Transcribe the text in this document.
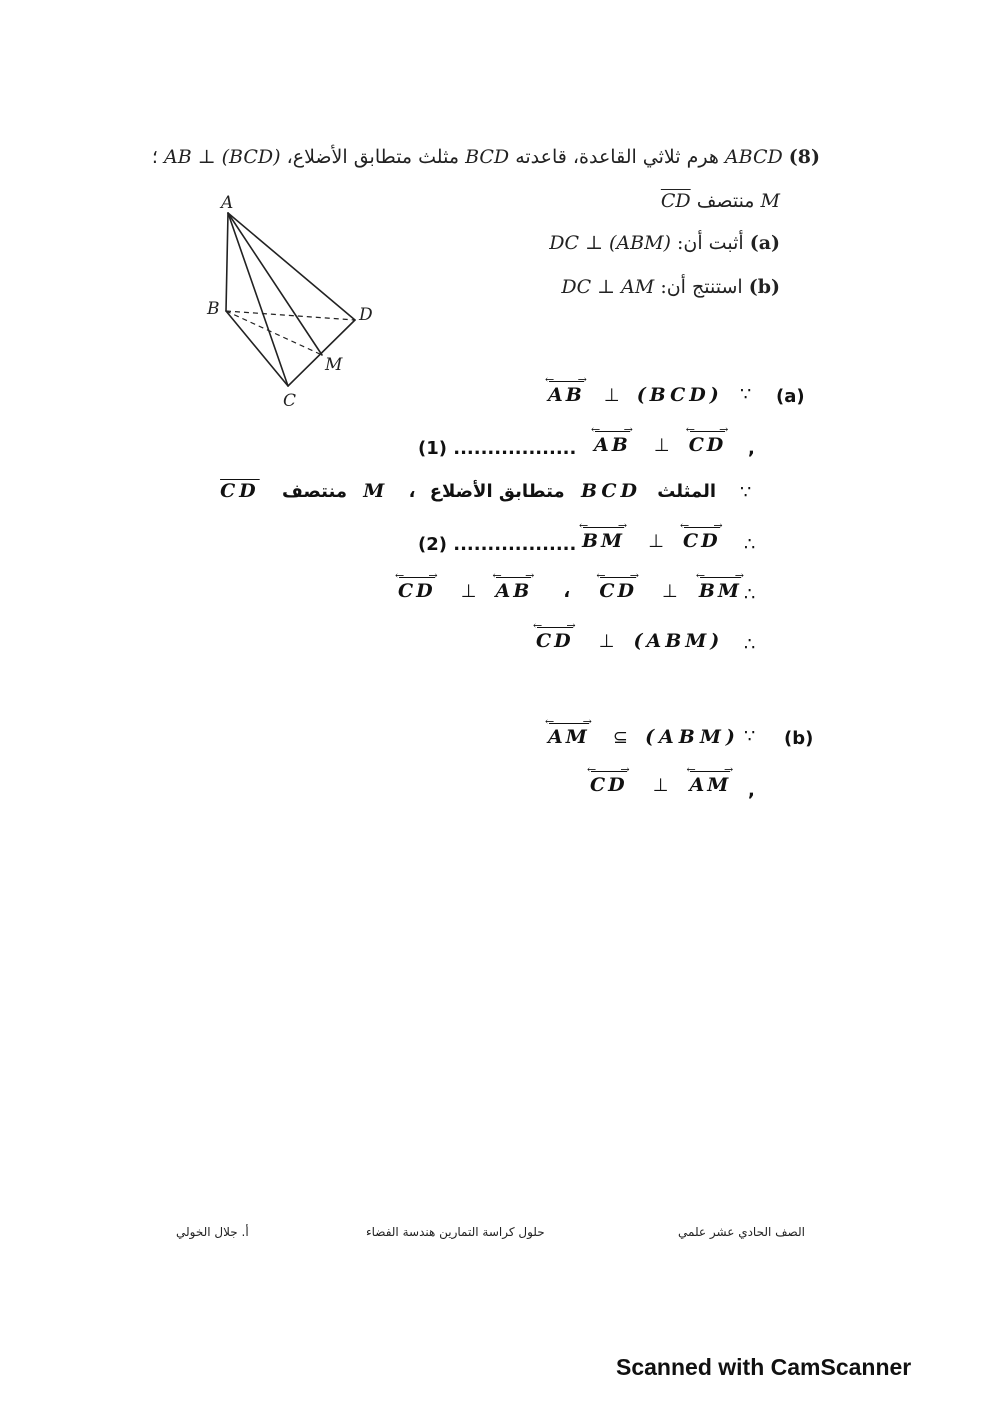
(8) ABCD هرم ثلاثي القاعدة، قاعدته BCD مثلث متطابق الأضلاع، AB ⊥ (BCD) ؛
M منتصف CD
(a) أثبت أن: DC ⊥ (ABM)
(b) استنتج أن: DC ⊥ AM
A
B
C
D
M
(a)
∵
AB
← →
⊥ (BCD)
,
AB
← →
⊥ CD
← →
(1) ..................
∵
المثلث BCD متطابق الأضلاع ، M منتصف $\overline{CD}$
∴
BM
← →
⊥ CD
← →
(2) ..................
∴
CD
← →
⊥ AB
← →
، CD
← →
⊥ BM
← →
∴
CD
← →
⊥ (ABM)
(b)
∵
AM
← →
⊆ (ABM)
,
CD
← →
⊥ AM
← →
الصف الحادي عشر علمي
حلول كراسة التمارين هندسة الفضاء
أ. جلال الخولي
Scanned with CamScanner
